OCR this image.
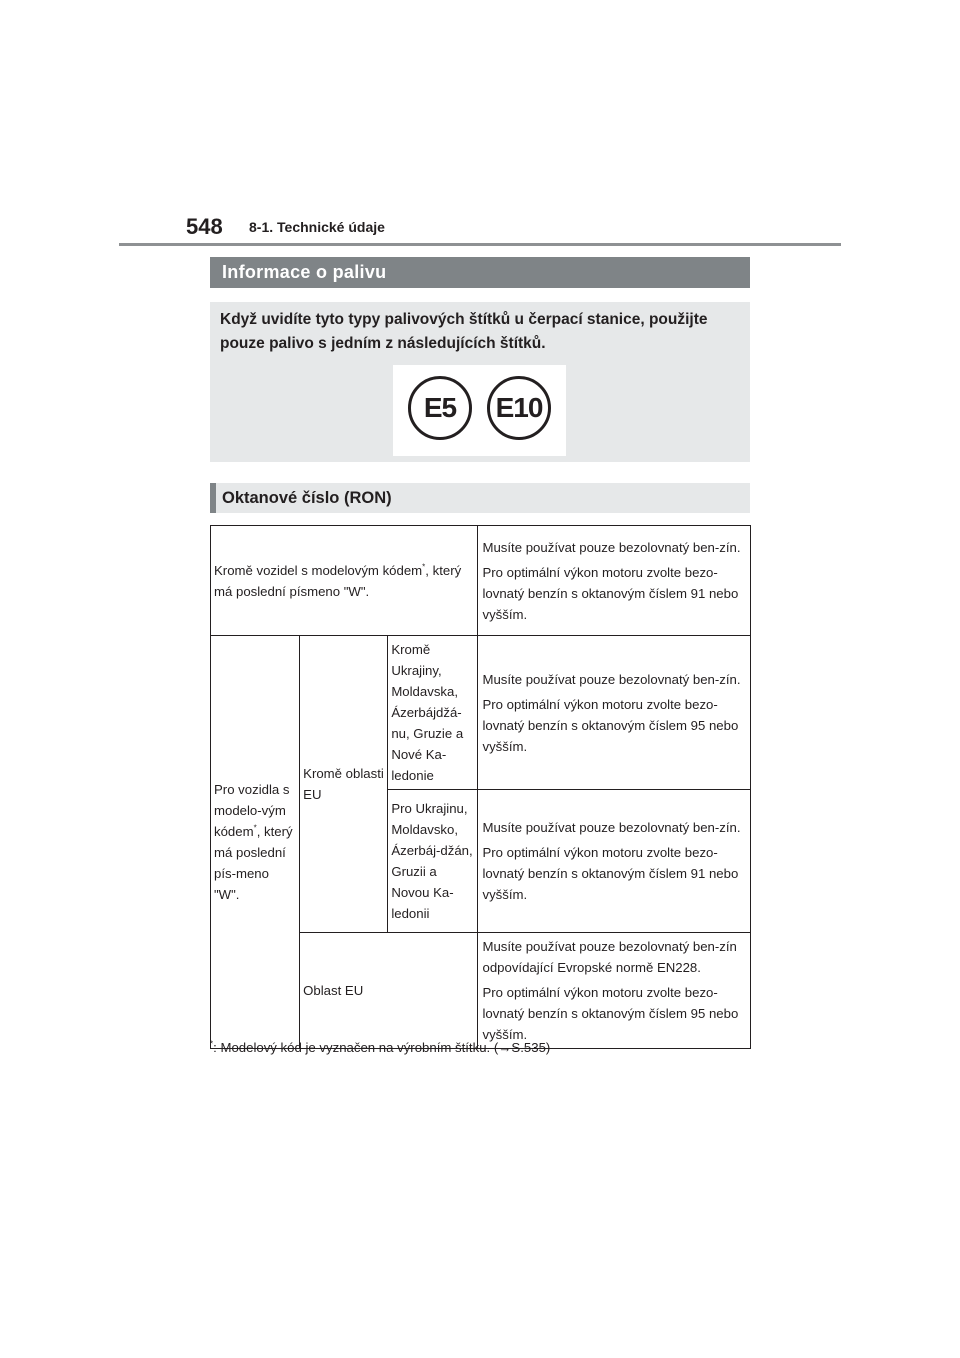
548 8-1. Technické údaje
Informace o palivu

Když uvidíte tyto typy palivových štítků u čerpací stanice, použijte pouze palivo s jedním z následujících štítků.

E5	E10
Oktanové číslo (RON)
Kromě vozidel s modelovým kódem*, který má poslední písmeno "W".			Musíte používat pouze bezolovnatý ben-zín.

Pro optimální výkon motoru zvolte bezo-lovnatý benzín s oktanovým číslem 91 nebo vyšším.

Pro vozidla s modelo-vým kódem*, který má poslední pís-meno "W".	Kromě oblasti EU	Kromě Ukrajiny, Moldavska, Ázerbájdžá-nu, Gruzie a Nové Ka-ledonie	Musíte používat pouze bezolovnatý ben-zín.

Pro optimální výkon motoru zvolte bezo-lovnatý benzín s oktanovým číslem 95 nebo vyšším.

		Pro Ukrajinu, Moldavsko, Ázerbáj-džán, Gruzii a Novou Ka-ledonii	Musíte používat pouze bezolovnatý ben-zín.

Pro optimální výkon motoru zvolte bezo-lovnatý benzín s oktanovým číslem 91 nebo vyšším.

	Oblast EU		Musíte používat pouze bezolovnatý ben-zín odpovídající Evropské normě EN228.

Pro optimální výkon motoru zvolte bezo-lovnatý benzín s oktanovým číslem 95 nebo vyšším.

*: Modelový kód je vyznačen na výrobním štítku. (→S.535)
